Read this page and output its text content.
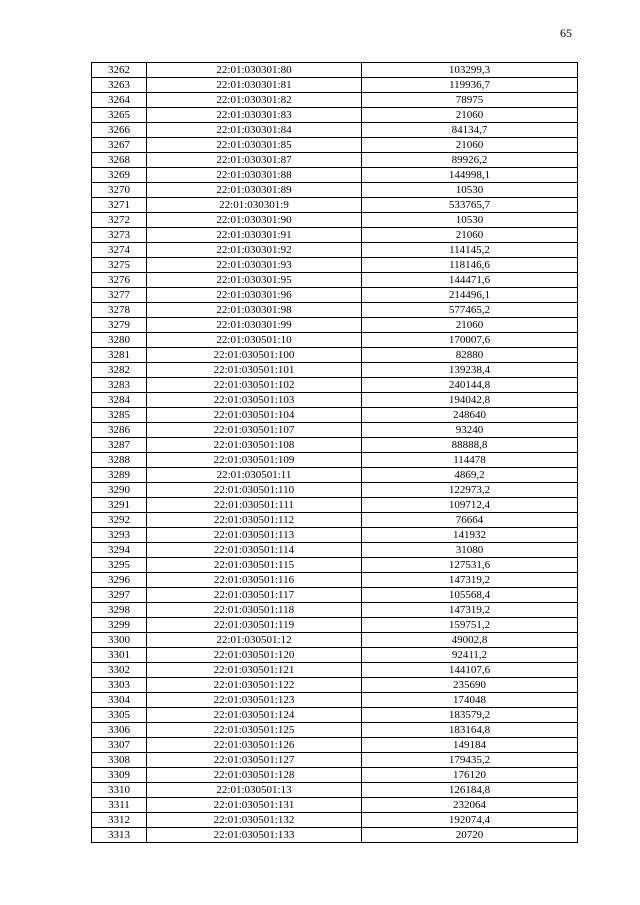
65
3262	22:01:030301:80	103299,3
3263	22:01:030301:81	119936,7
3264	22:01:030301:82	78975
3265	22:01:030301:83	21060
3266	22:01:030301:84	84134,7
3267	22:01:030301:85	21060
3268	22:01:030301:87	89926,2
3269	22:01:030301:88	144998,1
3270	22:01:030301:89	10530
3271	22:01:030301:9	533765,7
3272	22:01:030301:90	10530
3273	22:01:030301:91	21060
3274	22:01:030301:92	114145,2
3275	22:01:030301:93	118146,6
3276	22:01:030301:95	144471,6
3277	22:01:030301:96	214496,1
3278	22:01:030301:98	577465,2
3279	22:01:030301:99	21060
3280	22:01:030501:10	170007,6
3281	22:01:030501:100	82880
3282	22:01:030501:101	139238,4
3283	22:01:030501:102	240144,8
3284	22:01:030501:103	194042,8
3285	22:01:030501:104	248640
3286	22:01:030501:107	93240
3287	22:01:030501:108	88888,8
3288	22:01:030501:109	114478
3289	22:01:030501:11	4869,2
3290	22:01:030501:110	122973,2
3291	22:01:030501:111	109712,4
3292	22:01:030501:112	76664
3293	22:01:030501:113	141932
3294	22:01:030501:114	31080
3295	22:01:030501:115	127531,6
3296	22:01:030501:116	147319,2
3297	22:01:030501:117	105568,4
3298	22:01:030501:118	147319,2
3299	22:01:030501:119	159751,2
3300	22:01:030501:12	49002,8
3301	22:01:030501:120	92411,2
3302	22:01:030501:121	144107,6
3303	22:01:030501:122	235690
3304	22:01:030501:123	174048
3305	22:01:030501:124	183579,2
3306	22:01:030501:125	183164,8
3307	22:01:030501:126	149184
3308	22:01:030501:127	179435,2
3309	22:01:030501:128	176120
3310	22:01:030501:13	126184,8
3311	22:01:030501:131	232064
3312	22:01:030501:132	192074,4
3313	22:01:030501:133	20720
